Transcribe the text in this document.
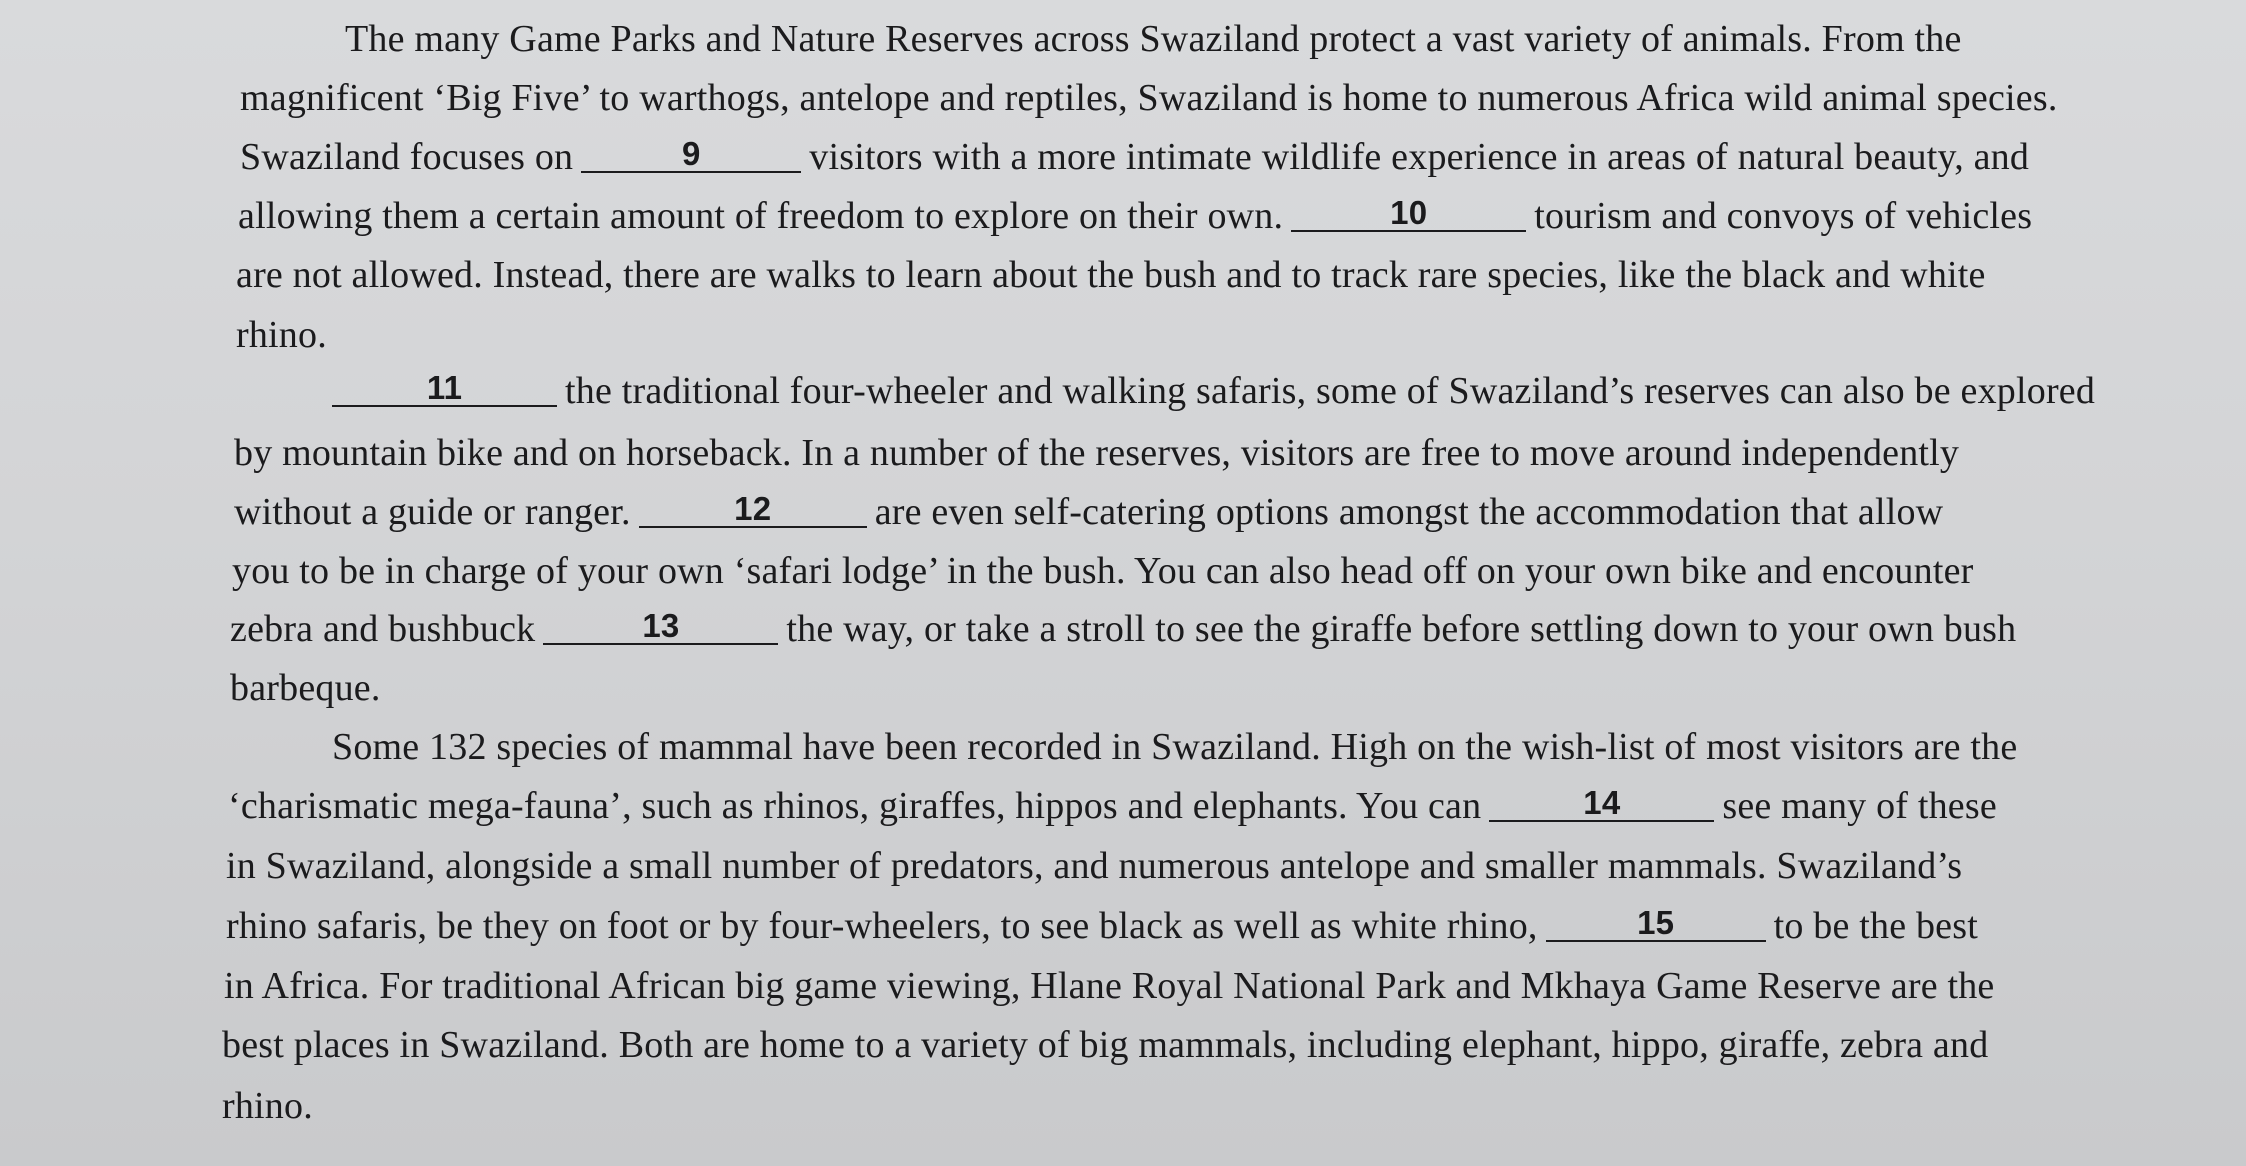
The many Game Parks and Nature Reserves across Swaziland protect a vast variety of animals. From the
magnificent ‘Big Five’ to warthogs, antelope and reptiles, Swaziland is home to numerous Africa wild animal species.
Swaziland focuses on	9	visitors with a more intimate wildlife experience in areas of natural beauty, and
allowing them a certain amount of freedom to explore on their own.	10	tourism and convoys of vehicles
are not allowed. Instead, there are walks to learn about the bush and to track rare species, like the black and white
rhino.
11	the traditional four-wheeler and walking safaris, some of Swaziland’s reserves can also be explored
by mountain bike and on horseback. In a number of the reserves, visitors are free to move around independently
without a guide or ranger.	12	are even self-catering options amongst the accommodation that allow
you to be in charge of your own ‘safari lodge’ in the bush. You can also head off on your own bike and encounter
zebra and bushbuck	13	the way, or take a stroll to see the giraffe before settling down to your own bush
barbeque.
Some 132 species of mammal have been recorded in Swaziland. High on the wish-list of most visitors are the
‘charismatic mega-fauna’, such as rhinos, giraffes, hippos and elephants. You can	14	see many of these
in Swaziland, alongside a small number of predators, and numerous antelope and smaller mammals. Swaziland’s
rhino safaris, be they on foot or by four-wheelers, to see black as well as white rhino,	15	to be the best
in Africa. For traditional African big game viewing, Hlane Royal National Park and Mkhaya Game Reserve are the
best places in Swaziland. Both are home to a variety of big mammals, including elephant, hippo, giraffe, zebra and
rhino.
